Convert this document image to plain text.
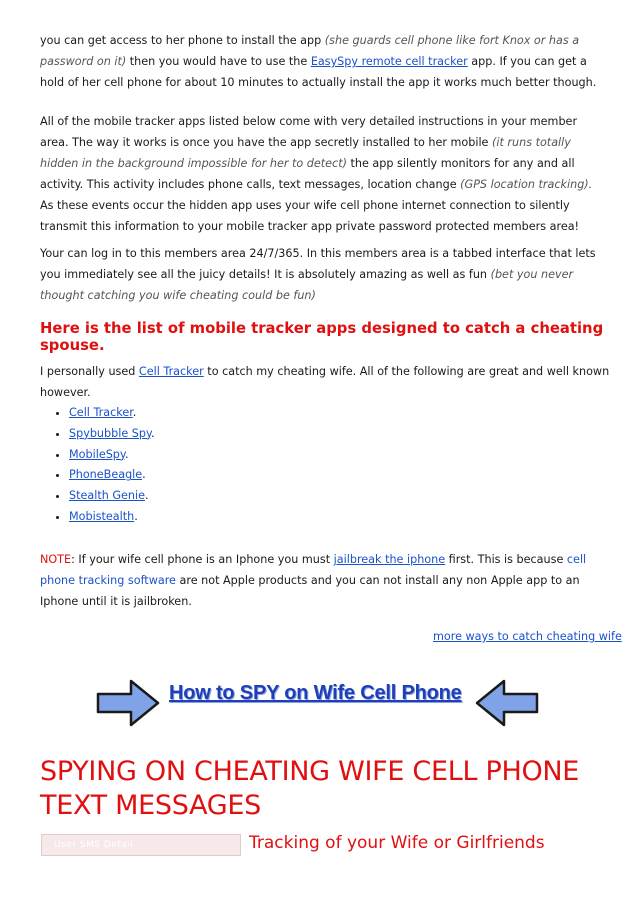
you can get access to her phone to install the app (she guards cell phone like fort Knox or has a password on it) then you would have to use the EasySpy remote cell tracker app. If you can get a hold of her cell phone for about 10 minutes to actually install the app it works much better though.

All of the mobile tracker apps listed below come with very detailed instructions in your member area. The way it works is once you have the app secretly installed to her mobile (it runs totally hidden in the background impossible for her to detect) the app silently monitors for any and all activity. This activity includes phone calls, text messages, location change (GPS location tracking). As these events occur the hidden app uses your wife cell phone internet connection to silently transmit this information to your mobile tracker app private password protected members area!

Your can log in to this members area 24/7/365. In this members area is a tabbed interface that lets you immediately see all the juicy details! It is absolutely amazing as well as fun (bet you never thought catching you wife cheating could be fun)

Here is the list of mobile tracker apps designed to catch a cheating spouse.

I personally used Cell Tracker to catch my cheating wife. All of the following are great and well known however.

• Cell Tracker.
• Spybubble Spy.
• MobileSpy.
• PhoneBeagle.
• Stealth Genie.
• Mobistealth.

NOTE: If your wife cell phone is an Iphone you must jailbreak the iphone first. This is because cell phone tracking software are not Apple products and you can not install any non Apple app to an Iphone until it is jailbroken.

more ways to catch cheating wife
How to SPY on Wife Cell Phone
SPYING ON CHEATING WIFE CELL PHONE TEXT MESSAGES
User SMS Detail	Tracking of your Wife or Girlfriends
